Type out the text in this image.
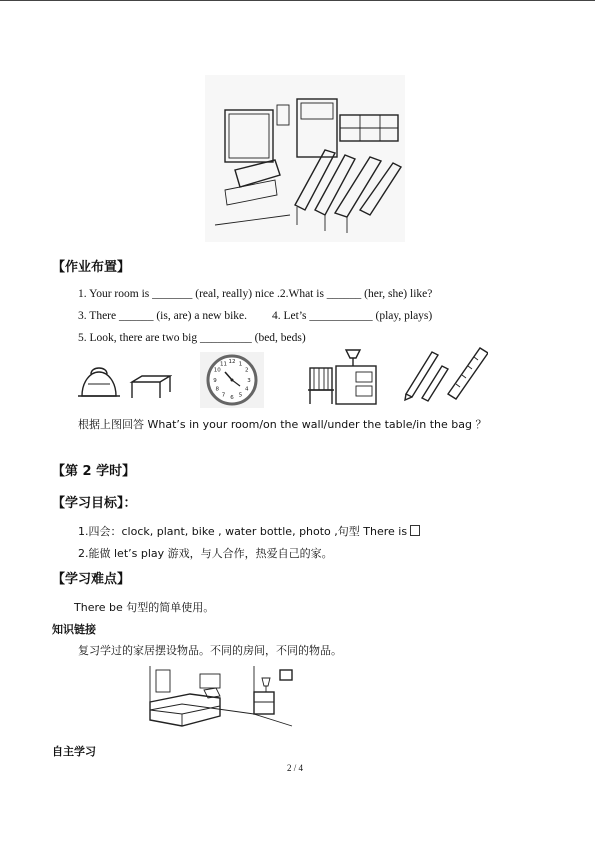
【作业布置】
1. Your room is _______ (real, really) nice .2.What is ______ (her, she) like?
3. There ______ (is, are) a new bike. 4. Let’s ___________ (play, plays)
5. Look, there are two big _________ (bed, beds)
12 1
2
3
4
5
6
7
8
9
10
11
根据上图回答 What’s in your room/on the wall/under the table/in the bag ？
【第 2 学时】
【学习目标】：
1.四会：clock, plant, bike , water bottle, photo ,句型 There is
2.能做 let’s play 游戏，与人合作，热爱自己的家。
【学习难点】
There be 句型的简单使用。
知识链接
复习学过的家居摆设物品。不同的房间，不同的物品。
自主学习
2 / 4
